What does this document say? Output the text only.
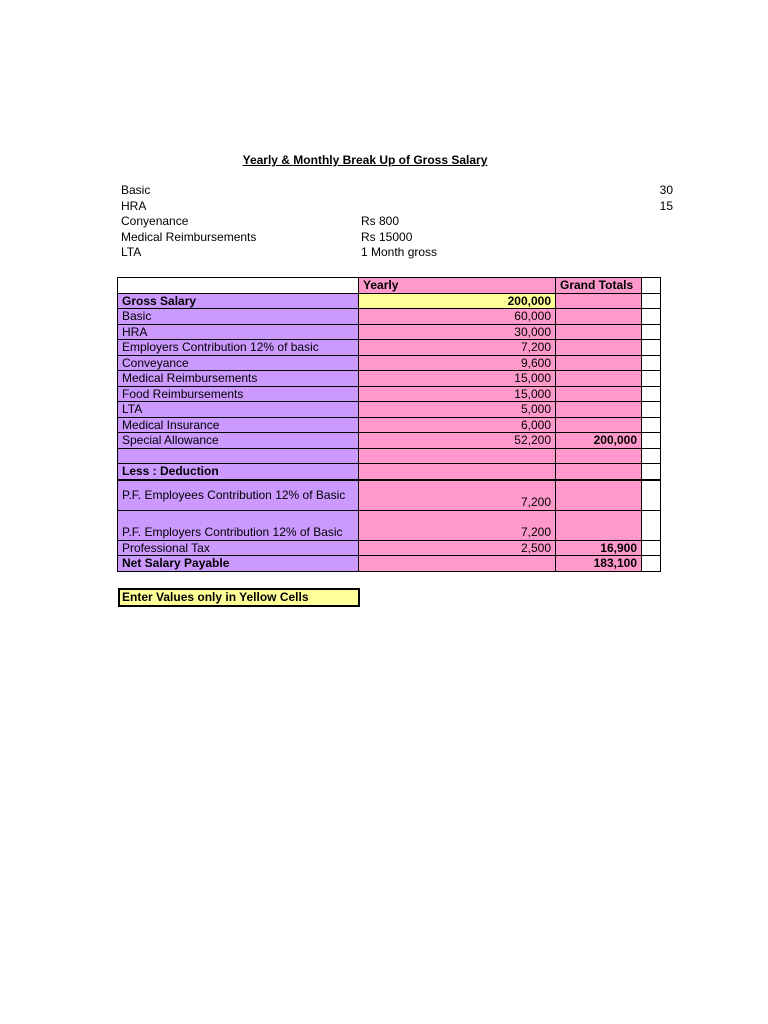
Yearly & Monthly Break Up of Gross Salary
Basic	30
HRA	15
Conyenance	Rs 800
Medical Reimbursements	Rs 15000
LTA	1 Month gross
	Yearly	Grand Totals	
Gross Salary	200,000		
Basic	60,000		
HRA	30,000		
Employers Contribution 12% of basic	7,200		
Conveyance	9,600		
Medical Reimbursements	15,000		
Food Reimbursements	15,000		
LTA	5,000		
Medical Insurance	6,000		
Special Allowance	52,200	200,000	

Less : Deduction			
P.F. Employees Contribution 12% of Basic	7,200		
P.F. Employers Contribution 12% of Basic	7,200		
Professional Tax	2,500	16,900	
Net Salary Payable		183,100	
Enter Values only in Yellow Cells
